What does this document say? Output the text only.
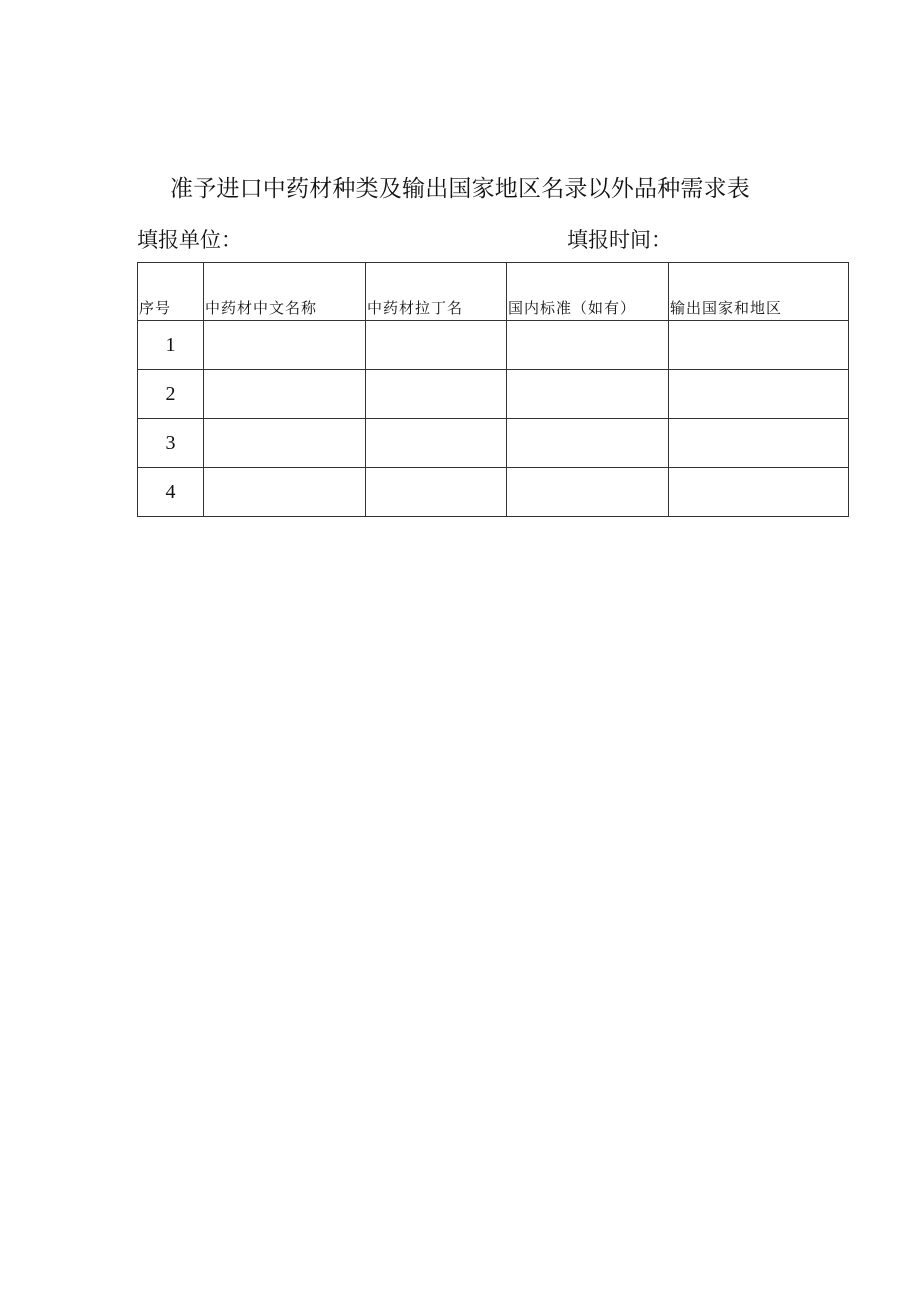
准予进口中药材种类及输出国家地区名录以外品种需求表
填报单位：	填报时间：
序号	中药材中文名称	中药材拉丁名	国内标准（如有）	输出国家和地区
1				
2				
3				
4				
